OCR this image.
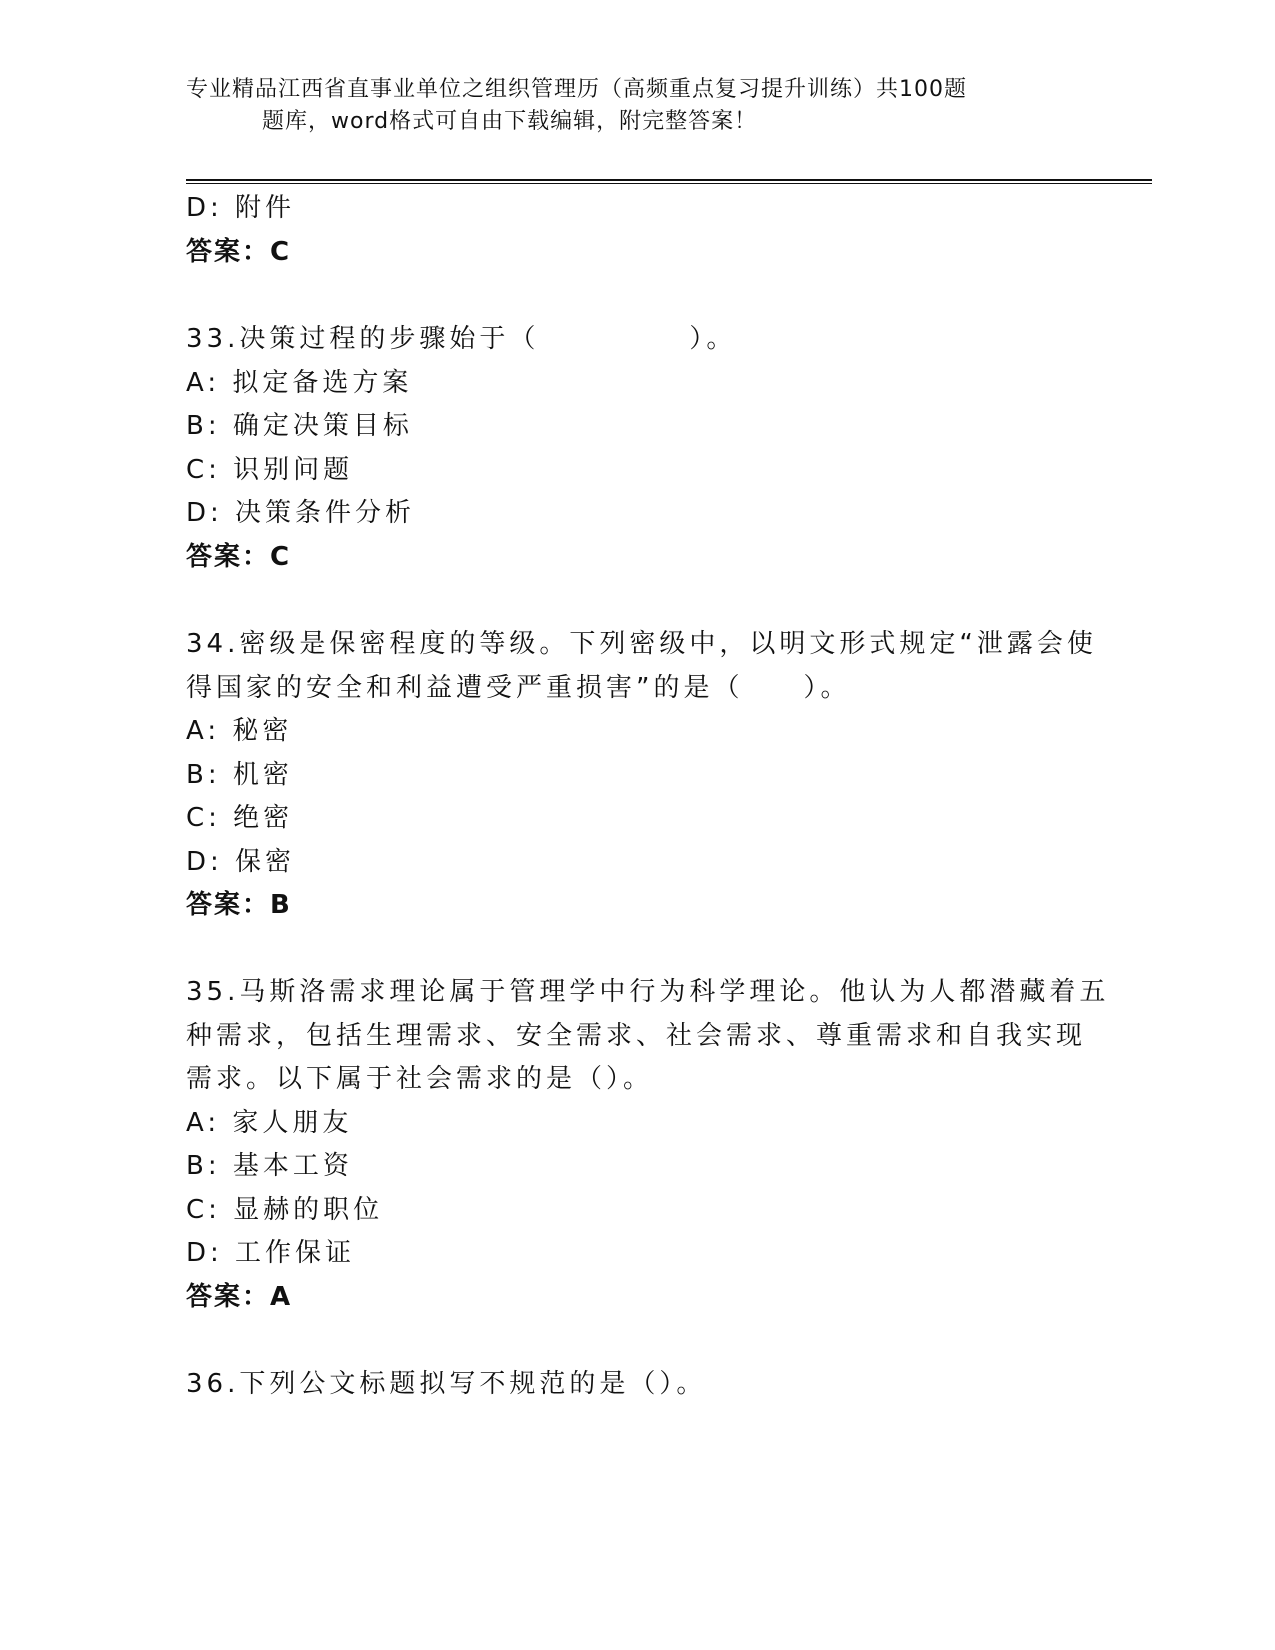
专业精品江西省直事业单位之组织管理历（高频重点复习提升训练）共100题
题库，word格式可自由下载编辑，附完整答案！
D: 附件
答案：C
33.决策过程的步骤始于（　　　　　）。
A: 拟定备选方案
B: 确定决策目标
C: 识别问题
D: 决策条件分析
答案：C
34.密级是保密程度的等级。下列密级中，以明文形式规定“泄露会使
得国家的安全和利益遭受严重损害”的是（　　）。
A: 秘密
B: 机密
C: 绝密
D: 保密
答案：B
35.马斯洛需求理论属于管理学中行为科学理论。他认为人都潜藏着五
种需求，包括生理需求、安全需求、社会需求、尊重需求和自我实现
需求。以下属于社会需求的是（）。
A: 家人朋友
B: 基本工资
C: 显赫的职位
D: 工作保证
答案：A
36.下列公文标题拟写不规范的是（）。
